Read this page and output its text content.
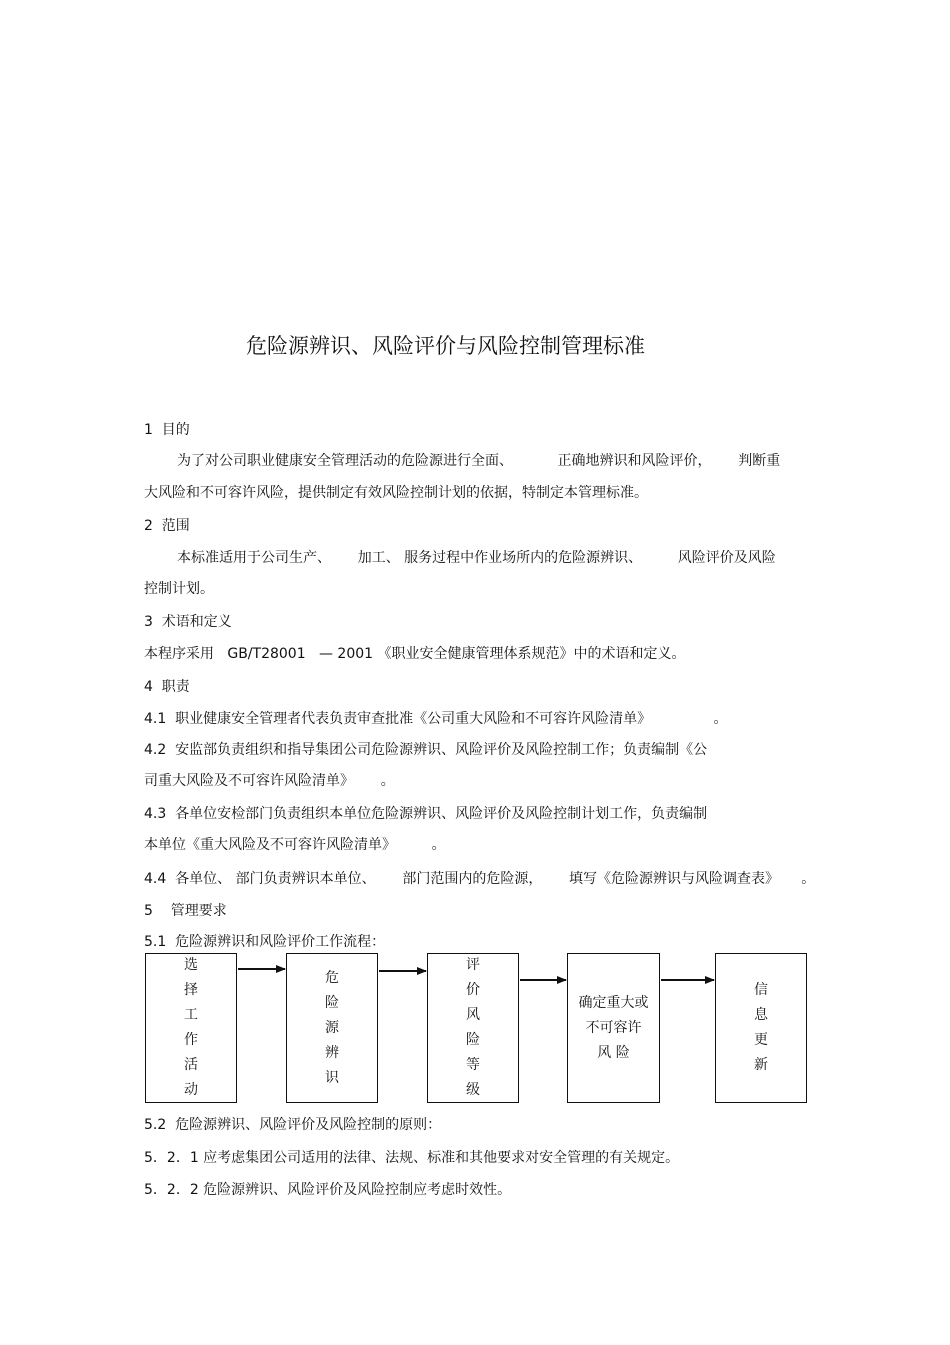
危险源辨识、风险评价与风险控制管理标准
1  目的
为了对公司职业健康安全管理活动的危险源进行全面、          正确地辨识和风险评价，      判断重
大风险和不可容许风险，提供制定有效风险控制计划的依据，特制定本管理标准。
2  范围
本标准适用于公司生产、      加工、 服务过程中作业场所内的危险源辨识、        风险评价及风险
控制计划。
3  术语和定义
本程序采用   GB/T28001   — 2001 《职业安全健康管理体系规范》中的术语和定义。
4  职责
4.1  职业健康安全管理者代表负责审查批准《公司重大风险和不可容许风险清单》              。
4.2  安监部负责组织和指导集团公司危险源辨识、风险评价及风险控制工作；负责编制《公
司重大风险及不可容许风险清单》      。
4.3  各单位安检部门负责组织本单位危险源辨识、风险评价及风险控制计划工作，负责编制
本单位《重大风险及不可容许风险清单》        。
4.4  各单位、 部门负责辨识本单位、      部门范围内的危险源，      填写《危险源辨识与风险调查表》     。
5    管理要求
5.1  危险源辨识和风险评价工作流程：
选
择
工
作
活
动
危
险
源
辨
识
评
价
风
险
等
级
确定重大或
不可容许
风 险
信
息
更
新
5.2  危险源辨识、风险评价及风险控制的原则：
5．2．1 应考虑集团公司适用的法律、法规、标准和其他要求对安全管理的有关规定。
5．2．2 危险源辨识、风险评价及风险控制应考虑时效性。
